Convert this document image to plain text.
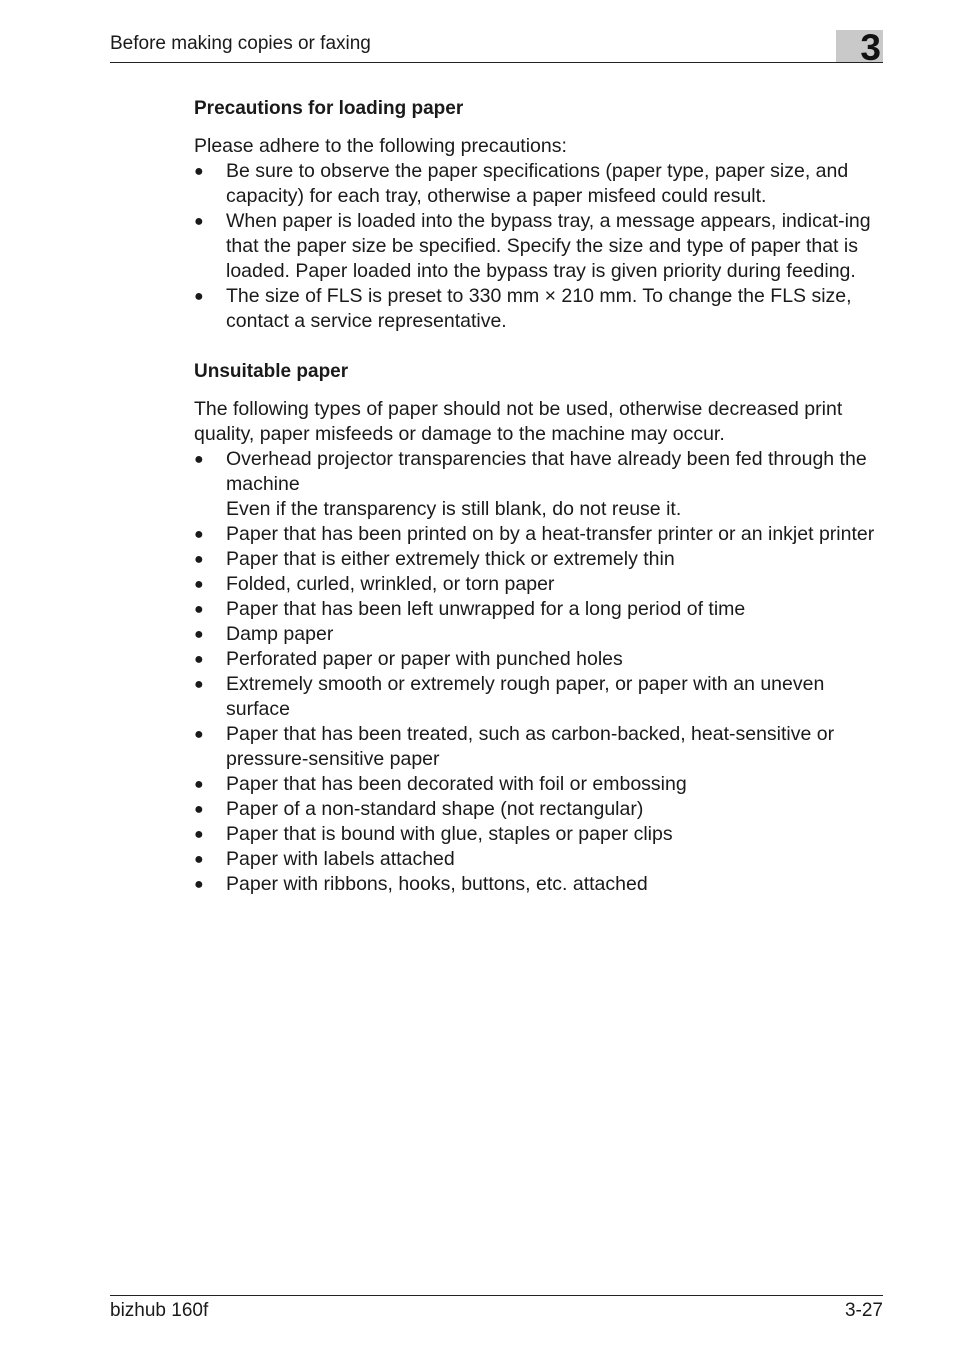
Before making copies or faxing	3
Precautions for loading paper

Please adhere to the following precautions:

●	Be sure to observe the paper specifications (paper type, paper size, and capacity) for each tray, otherwise a paper misfeed could result.
●	When paper is loaded into the bypass tray, a message appears, indicat-ing that the paper size be specified. Specify the size and type of paper that is loaded. Paper loaded into the bypass tray is given priority during feeding.
●	The size of FLS is preset to 330 mm × 210 mm. To change the FLS size, contact a service representative.
Unsuitable paper

The following types of paper should not be used, otherwise decreased print quality, paper misfeeds or damage to the machine may occur.

●	Overhead projector transparencies that have already been fed through the machine
Even if the transparency is still blank, do not reuse it.
●	Paper that has been printed on by a heat-transfer printer or an inkjet printer
●	Paper that is either extremely thick or extremely thin
●	Folded, curled, wrinkled, or torn paper
●	Paper that has been left unwrapped for a long period of time
●	Damp paper
●	Perforated paper or paper with punched holes
●	Extremely smooth or extremely rough paper, or paper with an uneven surface
●	Paper that has been treated, such as carbon-backed, heat-sensitive or pressure-sensitive paper
●	Paper that has been decorated with foil or embossing
●	Paper of a non-standard shape (not rectangular)
●	Paper that is bound with glue, staples or paper clips
●	Paper with labels attached
●	Paper with ribbons, hooks, buttons, etc. attached
bizhub 160f	3-27
